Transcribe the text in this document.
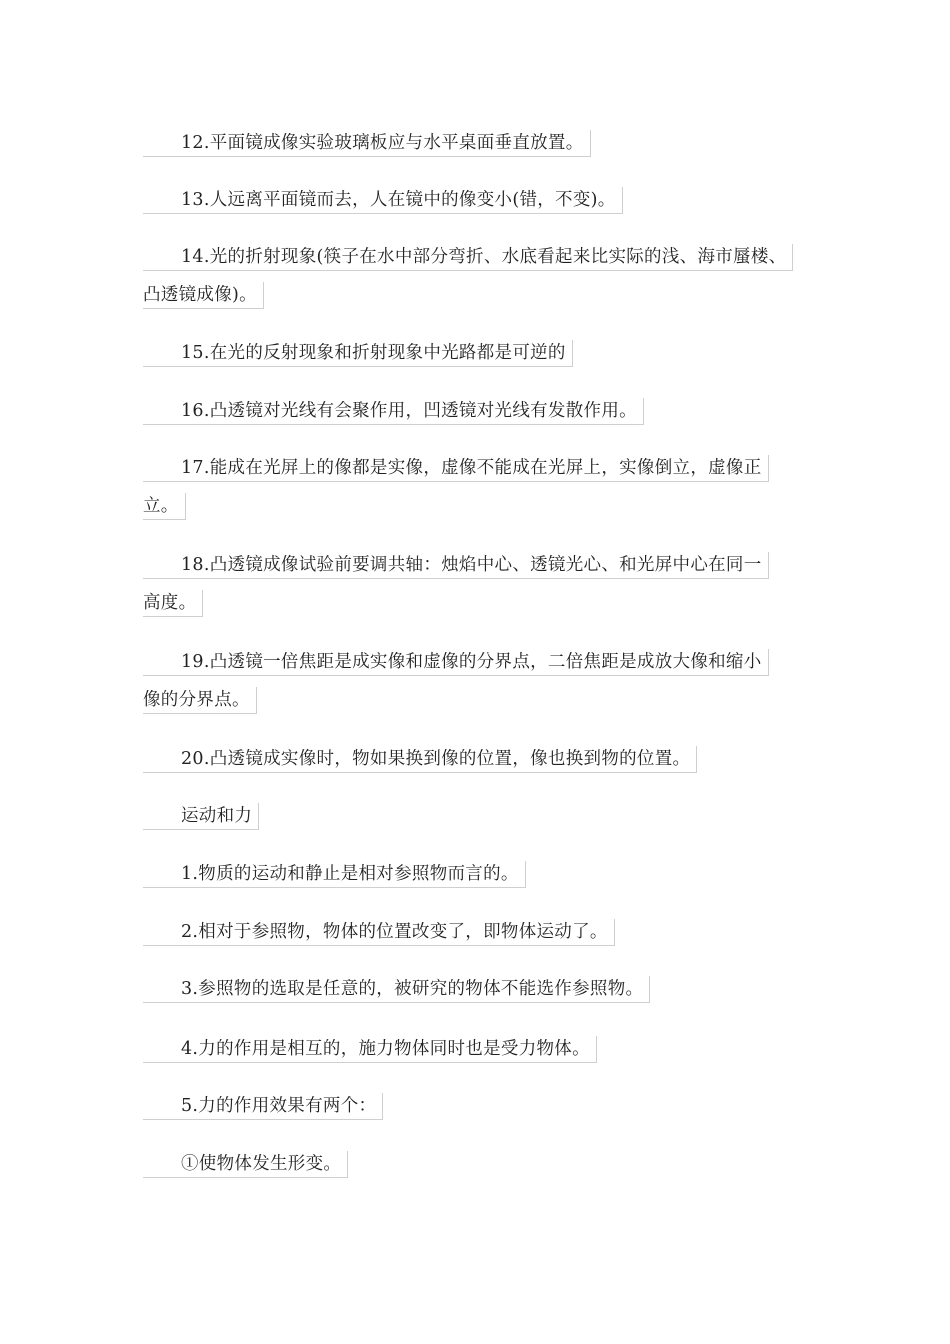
12.平面镜成像实验玻璃板应与水平桌面垂直放置。
13.人远离平面镜而去，人在镜中的像变小(错，不变)。
14.光的折射现象(筷子在水中部分弯折、水底看起来比实际的浅、海市蜃楼、
凸透镜成像)。
15.在光的反射现象和折射现象中光路都是可逆的
16.凸透镜对光线有会聚作用，凹透镜对光线有发散作用。
17.能成在光屏上的像都是实像，虚像不能成在光屏上，实像倒立，虚像正
立。
18.凸透镜成像试验前要调共轴：烛焰中心、透镜光心、和光屏中心在同一
高度。
19.凸透镜一倍焦距是成实像和虚像的分界点，二倍焦距是成放大像和缩小
像的分界点。
20.凸透镜成实像时，物如果换到像的位置，像也换到物的位置。
运动和力
1.物质的运动和静止是相对参照物而言的。
2.相对于参照物，物体的位置改变了，即物体运动了。
3.参照物的选取是任意的，被研究的物体不能选作参照物。
4.力的作用是相互的，施力物体同时也是受力物体。
5.力的作用效果有两个：
①使物体发生形变。
